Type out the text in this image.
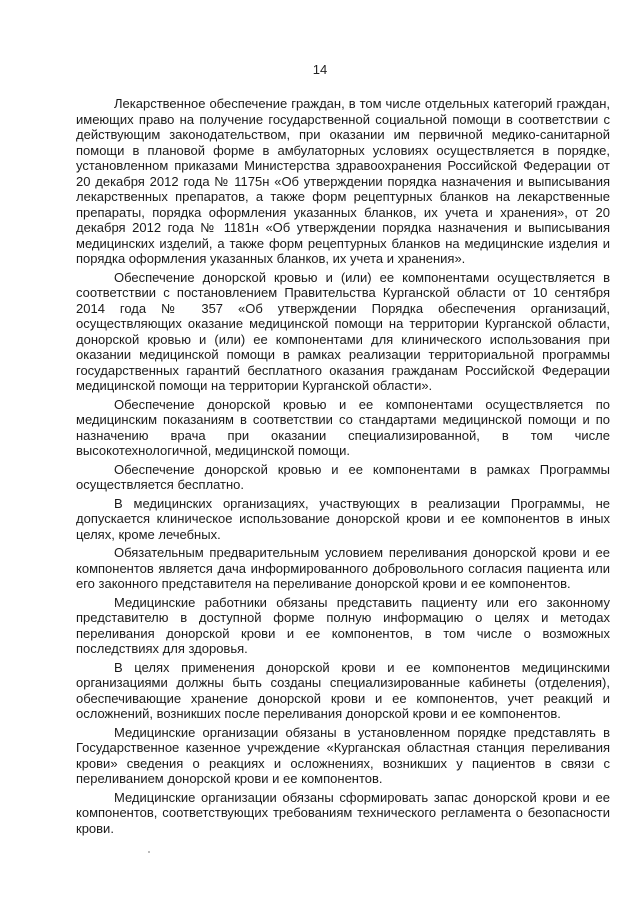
14

Лекарственное обеспечение граждан, в том числе отдельных категорий граждан, имеющих право на получение государственной социальной помощи в соответствии с действующим законодательством, при оказании им первичной медико-санитарной помощи в плановой форме в амбулаторных условиях осуществляется в порядке, установленном приказами Министерства здравоохранения Российской Федерации от 20 декабря 2012 года № 1175н «Об утверждении порядка назначения и выписывания лекарственных препаратов, а также форм рецептурных бланков на лекарственные препараты, порядка оформления указанных бланков, их учета и хранения», от 20 декабря 2012 года № 1181н «Об утверждении порядка назначения и выписывания медицинских изделий, а также форм рецептурных бланков на медицинские изделия и порядка оформления указанных бланков, их учета и хранения».

Обеспечение донорской кровью и (или) ее компонентами осуществляется в соответствии с постановлением Правительства Курганской области от 10 сентября 2014 года № 357 «Об утверждении Порядка обеспечения организаций, осуществляющих оказание медицинской помощи на территории Курганской области, донорской кровью и (или) ее компонентами для клинического использования при оказании медицинской помощи в рамках реализации территориальной программы государственных гарантий бесплатного оказания гражданам Российской Федерации медицинской помощи на территории Курганской области».

Обеспечение донорской кровью и ее компонентами осуществляется по медицинским показаниям в соответствии со стандартами медицинской помощи и по назначению врача при оказании специализированной, в том числе высокотехнологичной, медицинской помощи.

Обеспечение донорской кровью и ее компонентами в рамках Программы осуществляется бесплатно.

В медицинских организациях, участвующих в реализации Программы, не допускается клиническое использование донорской крови и ее компонентов в иных целях, кроме лечебных.

Обязательным предварительным условием переливания донорской крови и ее компонентов является дача информированного добровольного согласия пациента или его законного представителя на переливание донорской крови и ее компонентов.

Медицинские работники обязаны представить пациенту или его законному представителю в доступной форме полную информацию о целях и методах переливания донорской крови и ее компонентов, в том числе о возможных последствиях для здоровья.

В целях применения донорской крови и ее компонентов медицинскими организациями должны быть созданы специализированные кабинеты (отделения), обеспечивающие хранение донорской крови и ее компонентов, учет реакций и осложнений, возникших после переливания донорской крови и ее компонентов.

Медицинские организации обязаны в установленном порядке представлять в Государственное казенное учреждение «Курганская областная станция переливания крови» сведения о реакциях и осложнениях, возникших у пациентов в связи с переливанием донорской крови и ее компонентов.

Медицинские организации обязаны сформировать запас донорской крови и ее компонентов, соответствующих требованиям технического регламента о безопасности крови.
